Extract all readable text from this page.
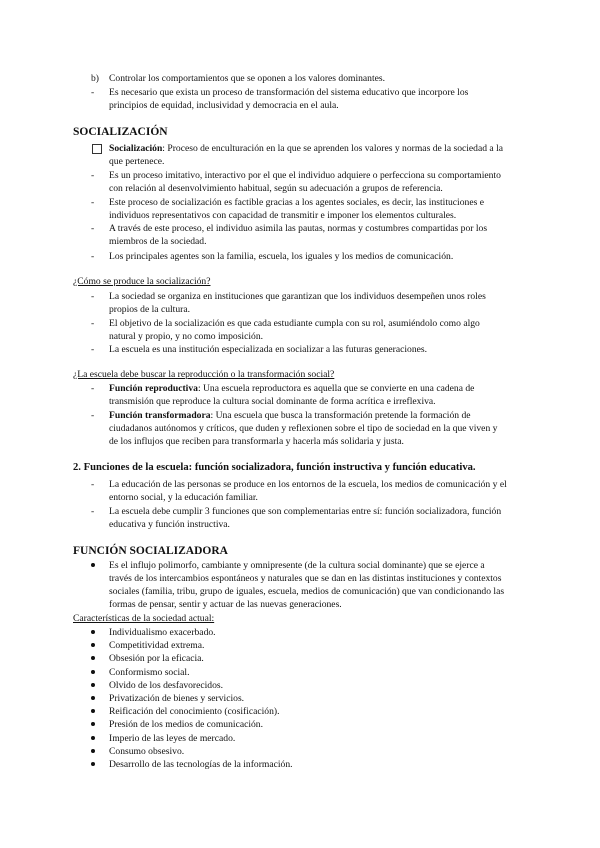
b) Controlar los comportamientos que se oponen a los valores dominantes.
- Es necesario que exista un proceso de transformación del sistema educativo que incorpore los
principios de equidad, inclusividad y democracia en el aula.
SOCIALIZACIÓN
Socialización: Proceso de enculturación en la que se aprenden los valores y normas de la sociedad a la
que pertenece.
- Es un proceso imitativo, interactivo por el que el individuo adquiere o perfecciona su comportamiento
con relación al desenvolvimiento habitual, según su adecuación a grupos de referencia.
- Este proceso de socialización es factible gracias a los agentes sociales, es decir, las instituciones e
individuos representativos con capacidad de transmitir e imponer los elementos culturales.
- A través de este proceso, el individuo asimila las pautas, normas y costumbres compartidas por los
miembros de la sociedad.
- Los principales agentes son la familia, escuela, los iguales y los medios de comunicación.
¿Cómo se produce la socialización?
- La sociedad se organiza en instituciones que garantizan que los individuos desempeñen unos roles
propios de la cultura.
- El objetivo de la socialización es que cada estudiante cumpla con su rol, asumiéndolo como algo
natural y propio, y no como imposición.
- La escuela es una institución especializada en socializar a las futuras generaciones.
¿La escuela debe buscar la reproducción o la transformación social?
- Función reproductiva: Una escuela reproductora es aquella que se convierte en una cadena de
transmisión que reproduce la cultura social dominante de forma acrítica e irreflexiva.
- Función transformadora: Una escuela que busca la transformación pretende la formación de
ciudadanos autónomos y críticos, que duden y reflexionen sobre el tipo de sociedad en la que viven y
de los influjos que reciben para transformarla y hacerla más solidaria y justa.
2. Funciones de la escuela: función socializadora, función instructiva y función educativa.
- La educación de las personas se produce en los entornos de la escuela, los medios de comunicación y el
entorno social, y la educación familiar.
- La escuela debe cumplir 3 funciones que son complementarias entre sí: función socializadora, función
educativa y función instructiva.
FUNCIÓN SOCIALIZADORA
Es el influjo polimorfo, cambiante y omnipresente (de la cultura social dominante) que se ejerce a
través de los intercambios espontáneos y naturales que se dan en las distintas instituciones y contextos
sociales (familia, tribu, grupo de iguales, escuela, medios de comunicación) que van condicionando las
formas de pensar, sentir y actuar de las nuevas generaciones.
Características de la sociedad actual:
Individualismo exacerbado.
Competitividad extrema.
Obsesión por la eficacia.
Conformismo social.
Olvido de los desfavorecidos.
Privatización de bienes y servicios.
Reificación del conocimiento (cosificación).
Presión de los medios de comunicación.
Imperio de las leyes de mercado.
Consumo obsesivo.
Desarrollo de las tecnologías de la información.
